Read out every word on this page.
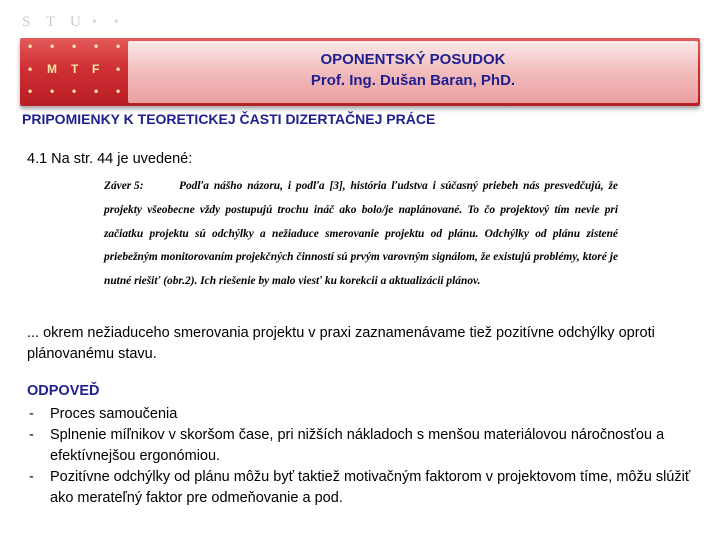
S T U • •
• • • • •
• M T F •
• • • • •
OPONENTSKÝ POSUDOK
Prof. Ing. Dušan Baran, PhD.
PRIPOMIENKY K TEORETICKEJ ČASTI DIZERTAČNEJ PRÁCE
4.1 Na str. 44 je uvedené:
Záver 5:	Podľa nášho názoru, i podľa [3], história ľudstva i súčasný priebeh nás presvedčujú, že projekty všeobecne vždy postupujú trochu ináč ako bolo/je naplánované. To čo projektový tím nevie pri začiatku projektu sú odchýlky a nežiaduce smerovanie projektu od plánu. Odchýlky od plánu zistené priebežným monitorovaním projekčných činností sú prvým varovným signálom, že existujú problémy, ktoré je nutné riešiť (obr.2). Ich riešenie by malo viesť ku korekcii a aktualizácii plánov.
... okrem nežiaduceho smerovania projektu v praxi zaznamenávame tiež pozitívne odchýlky oproti plánovanému stavu.
ODPOVEĎ
- Proces samoučenia
- Splnenie míľnikov v skoršom čase, pri nižších nákladoch s menšou materiálovou náročnosťou a efektívnejšou ergonómiou.
- Pozitívne odchýlky od plánu môžu byť taktiež motivačným faktorom v projektovom tíme, môžu slúžiť ako merateľný faktor pre odmeňovanie a pod.
